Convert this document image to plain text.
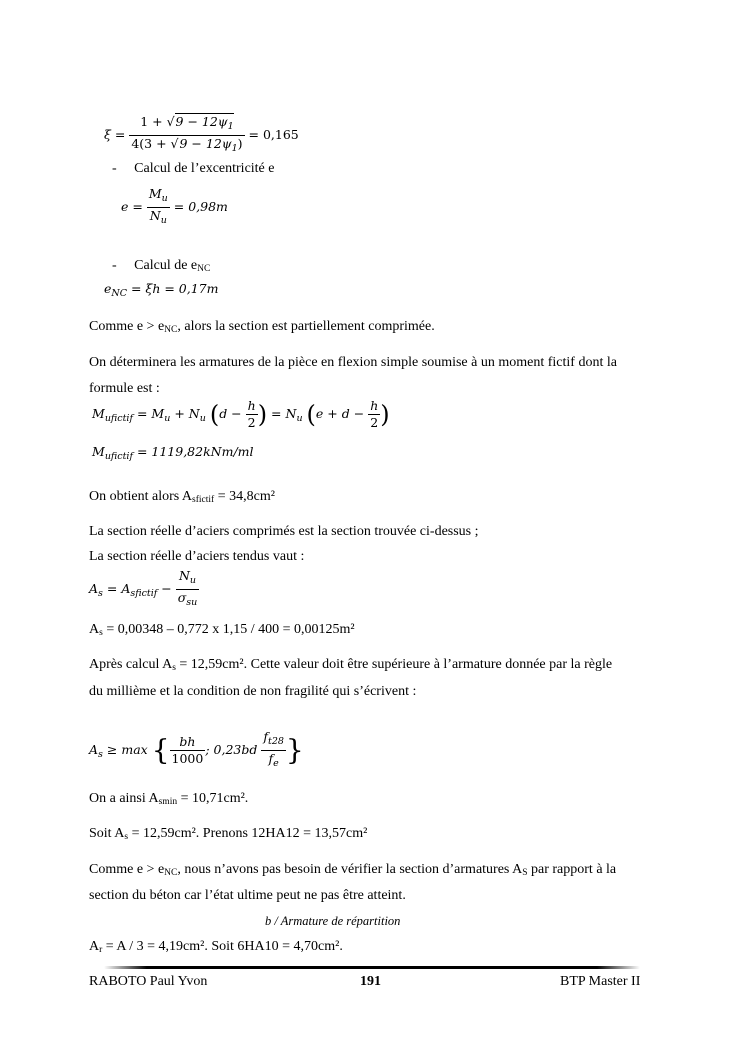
$\xi = \frac{1 + √9 - 12\psi_1}{4(3 + √9 - 12\psi_1)} = 0,165$
- Calcul de l’excentricité e
$e = \frac{M_u}{N_u} = 0,98m$
- Calcul de eNC
$e_{NC} = \xi h = 0,17m$
Comme e > eNC, alors la section est partiellement comprimée.
On déterminera les armatures de la pièce en flexion simple soumise à un moment fictif dont la
formule est :
$M_{ufictif} = M_u + N_u$ ($d - \frac{h}{2}$ ) = $N_u$ ($e + d - \frac{h}{2}$ )
$M_{ufictif} = 1119,82kNm/ml$
On obtient alors Asfictif = 34,8cm²
La section réelle d’aciers comprimés est la section trouvée ci-dessus ;
La section réelle d’aciers tendus vaut :
$A_s = A_{sfictif} - \frac{N_u}{\sigma_{su}}$
As = 0,00348 – 0,772 x 1,15 / 400 = 0,00125m²
Après calcul As = 12,59cm². Cette valeur doit être supérieure à l’armature donnée par la règle
du millième et la condition de non fragilité qui s’écrivent :
$A_s \ge \max$ { $\frac{bh}{1000}$ ; $0,23bd \frac{f_{t28}}{f_e}$ }
On a ainsi Asmin = 10,71cm².
Soit As = 12,59cm². Prenons 12HA12 = 13,57cm²
Comme e > eNC, nous n’avons pas besoin de vérifier la section d’armatures AS par rapport à la
section du béton car l’état ultime peut ne pas être atteint.
b / Armature de répartition
Ar = A / 3 = 4,19cm². Soit 6HA10 = 4,70cm².
RABOTO Paul Yvon	191	BTP Master II
